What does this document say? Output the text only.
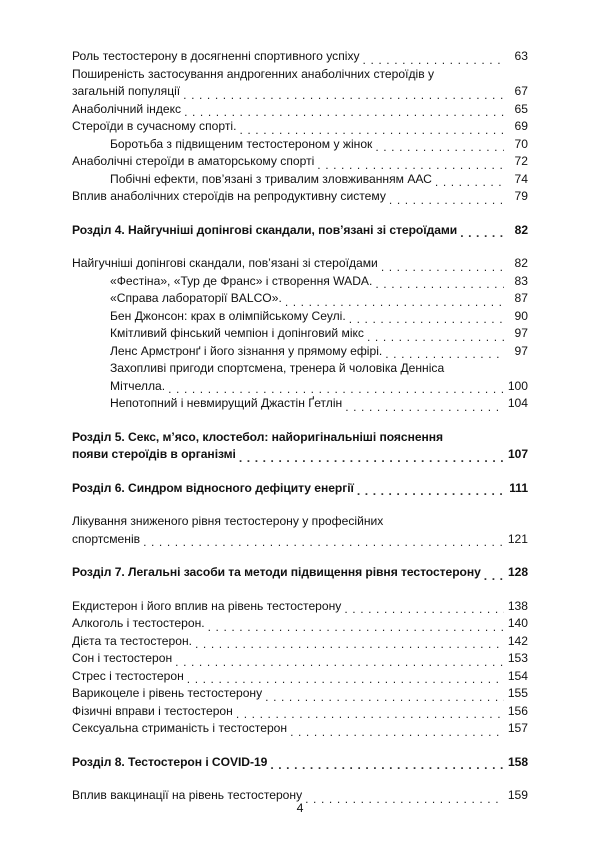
Роль тестостерону в досягненні спортивного успіху . . .	63
Поширеність застосування андрогенних анаболічних стероїдів у
загальній популяції . . .	67
Анаболічний індекс . . .	65
Стероїди в сучасному спорті. . . .	69
Боротьба з підвищеним тестостероном у жінок . . .	70
Анаболічні стероїди в аматорському спорті . . .	72
Побічні ефекти, пов’язані з тривалим зловживанням ААС . . .	74
Вплив анаболічних стероїдів на репродуктивну систему . . .	79
Розділ 4. Найгучніші допінгові скандали, пов’язані зі стероїдами . . .	82
Найгучніші допінгові скандали, пов’язані зі стероїдами . . .	82
«Фестіна», «Тур де Франс» і створення WADA. . . .	83
«Справа лабораторії BALCO». . . .	87
Бен Джонсон: крах в олімпійському Сеулі. . . .	90
Кмітливий фінський чемпіон і допінговий мікс . . .	97
Ленс Армстронґ і його зізнання у прямому ефірі. . . .	97
Захопливі пригоди спортсмена, тренера й чоловіка Денніса
Мітчелла. . . .	100
Непотопний і невмирущий Джастін Ґетлін . . .	104
Розділ 5. Секс, м’ясо, клостебол: найоригінальніші пояснення
появи стероїдів в організмі . . .	107
Розділ 6. Синдром відносного дефіциту енергії . . .	111
Лікування зниженого рівня тестостерону у професійних
спортсменів . . .	121
Розділ 7. Легальні засоби та методи підвищення рівня тестостерону . . . 128
Екдистерон і його вплив на рівень тестостерону . . .	138
Алкоголь і тестостерон. . . .	140
Дієта та тестостерон. . . .	142
Сон і тестостерон . . .	153
Стрес і тестостерон . . .	154
Варикоцеле і рівень тестостерону . . .	155
Фізичні вправи і тестостерон . . .	156
Сексуальна стриманість і тестостерон . . .	157
Розділ 8. Тестостерон і COVID-19 . . .	158
Вплив вакцинації на рівень тестостерону . . .	159
4
